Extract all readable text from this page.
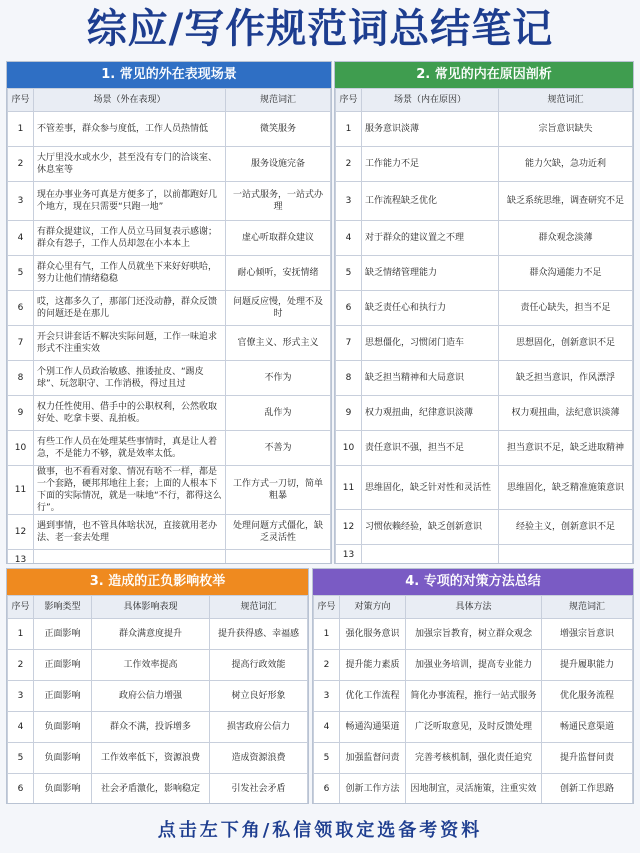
综应/写作规范词总结笔记
1. 常见的外在表现场景
序号	场景（外在表现）	规范词汇
1	不管差事，群众参与度低，工作人员热情低	微笑服务
2	大厅里没水或水少，甚至没有专门的洽谈室、休息室等	服务设施完备
3	现在办事业务可真是方便多了，以前都跑好几个地方，现在只需要“只跑一地”	一站式服务，一站式办理
4	有群众提建议，工作人员立马回复表示感谢；群众有怨子，工作人员却忽在小本本上	虚心听取群众建议
5	群众心里有气，工作人员就坐下来好好哄哈，努力让他们情绪稳稳	耐心倾听，安抚情绪
6	哎，这都多久了，那部门还没动静，群众反馈的问题还是在那儿	问题反应慢，处理不及时
7	开会只讲套话不解决实际问题，工作一味追求形式不注重实效	官僚主义、形式主义
8	个别工作人员政治敏感、推诿扯皮、“踢皮球”、玩忽职守、工作消极，得过且过	不作为
9	权力任性使用、借手中的公职权利，公然收取好处、吃拿卡要、乱拍板。	乱作为
10	有些工作人员在处理某些事情时，真是让人着急，不是能力不够，就是效率太低。	不善为
11	做事，也不看看对象、情况有啥不一样，都是一个套路，硬邦邦地往上套；上面的人根本下下面的实际情况，就是一味地“不行，都得这么行”。	工作方式一刀切，简单粗暴
12	遇到事情，也不管具体啥状况，直接就用老办法、老一套去处理	处理问题方式僵化，缺乏灵活性
13		
2. 常见的内在原因剖析
序号	场景（内在原因）	规范词汇
1	服务意识淡薄	宗旨意识缺失
2	工作能力不足	能力欠缺，急功近利
3	工作流程缺乏优化	缺乏系统思维，调查研究不足
4	对于群众的建议置之不理	群众观念淡薄
5	缺乏情绪管理能力	群众沟通能力不足
6	缺乏责任心和执行力	责任心缺失，担当不足
7	思想僵化，习惯闭门造车	思想固化，创新意识不足
8	缺乏担当精神和大局意识	缺乏担当意识，作风漂浮
9	权力观扭曲，纪律意识淡薄	权力观扭曲，法纪意识淡薄
10	责任意识不强，担当不足	担当意识不足，缺乏进取精神
11	思维固化，缺乏针对性和灵活性	思维固化，缺乏精准施策意识
12	习惯依赖经验，缺乏创新意识	经验主义，创新意识不足
13		
3. 造成的正负影响枚举
序号	影响类型	具体影响表现	规范词汇
1	正面影响	群众满意度提升	提升获得感、幸福感
2	正面影响	工作效率提高	提高行政效能
3	正面影响	政府公信力增强	树立良好形象
4	负面影响	群众不满，投诉增多	损害政府公信力
5	负面影响	工作效率低下，资源浪费	造成资源浪费
6	负面影响	社会矛盾激化，影响稳定	引发社会矛盾
4. 专项的对策方法总结
序号	对策方向	具体方法	规范词汇
1	强化服务意识	加强宗旨教育，树立群众观念	增强宗旨意识
2	提升能力素质	加强业务培训，提高专业能力	提升履职能力
3	优化工作流程	简化办事流程，推行一站式服务	优化服务流程
4	畅通沟通渠道	广泛听取意见，及时反馈处理	畅通民意渠道
5	加强监督问责	完善考核机制，强化责任追究	提升监督问责
6	创新工作方法	因地制宜，灵活施策，注重实效	创新工作思路
点击左下角/私信领取定选备考资料
